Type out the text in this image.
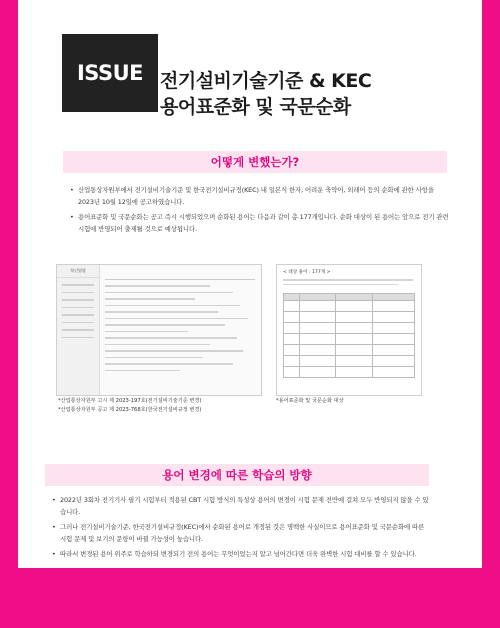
ISSUE 전기설비기술기준 & KEC
용어표준화 및 국문순화
어떻게 변했는가?
• 산업통상자원부에서 전기설비기술기준 및 한국전기설비규정(KEC) 내 일본식 한자, 어려운 축약어, 외래어 등의 순화에 관한 사항을 2023년 10월 12일에 공고하였습니다.
• 용어표준화 및 국문순화는 공고 즉시 시행되었으며 순화된 용어는 다음과 같이 총 177개입니다. 순화 대상이 된 용어는 앞으로 전기 관련 시험에 반영되어 출제될 것으로 예상됩니다.
학신법령	< 대상 용어 : 177개 >

*산업통상자원부 고시 제 2023-197호(전기설비기술기준 변경)
*산업통상자원부 공고 제 2023-768호(한국전기설비규정 변경)
*용어표준화 및 국문순화 대상
용어 변경에 따른 학습의 방향
• 2022년 3회차 전기기사 필기 시험부터 적용된 CBT 시험 방식의 특성상 용어의 변경이 시험 문제 전반에 걸쳐 모두 반영되지 않을 수 있습니다.
• 그러나 전기설비기술기준, 한국전기설비규정(KEC)에서 순화된 용어로 개정된 것은 명백한 사실이므로 용어표준화 및 국문순화에 따른 시험 문제 및 보기의 문항이 바뀔 가능성이 높습니다.
• 따라서 변경된 용어 위주로 학습하되 변경되기 전의 용어는 무엇이었는지 알고 넘어간다면 더욱 완벽한 시험 대비를 할 수 있습니다.
